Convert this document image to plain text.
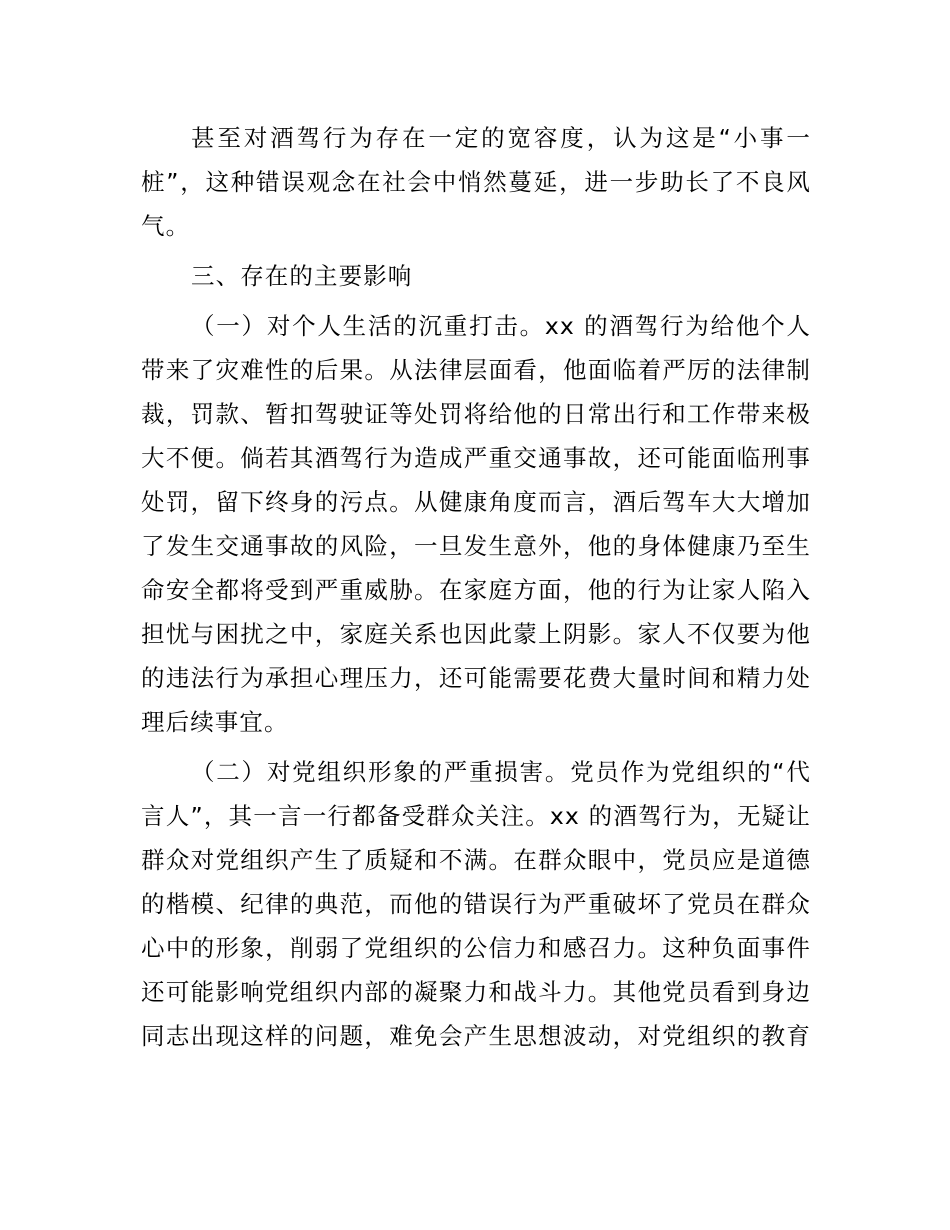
甚至对酒驾行为存在一定的宽容度，认为这是“小事一
桩”，这种错误观念在社会中悄然蔓延，进一步助长了不良风
气。
三、存在的主要影响
（一）对个人生活的沉重打击。xx 的酒驾行为给他个人
带来了灾难性的后果。从法律层面看，他面临着严厉的法律制
裁，罚款、暂扣驾驶证等处罚将给他的日常出行和工作带来极
大不便。倘若其酒驾行为造成严重交通事故，还可能面临刑事
处罚，留下终身的污点。从健康角度而言，酒后驾车大大增加
了发生交通事故的风险，一旦发生意外，他的身体健康乃至生
命安全都将受到严重威胁。在家庭方面，他的行为让家人陷入
担忧与困扰之中，家庭关系也因此蒙上阴影。家人不仅要为他
的违法行为承担心理压力，还可能需要花费大量时间和精力处
理后续事宜。
（二）对党组织形象的严重损害。党员作为党组织的“代
言人”，其一言一行都备受群众关注。xx 的酒驾行为，无疑让
群众对党组织产生了质疑和不满。在群众眼中，党员应是道德
的楷模、纪律的典范，而他的错误行为严重破坏了党员在群众
心中的形象，削弱了党组织的公信力和感召力。这种负面事件
还可能影响党组织内部的凝聚力和战斗力。其他党员看到身边
同志出现这样的问题，难免会产生思想波动，对党组织的教育
